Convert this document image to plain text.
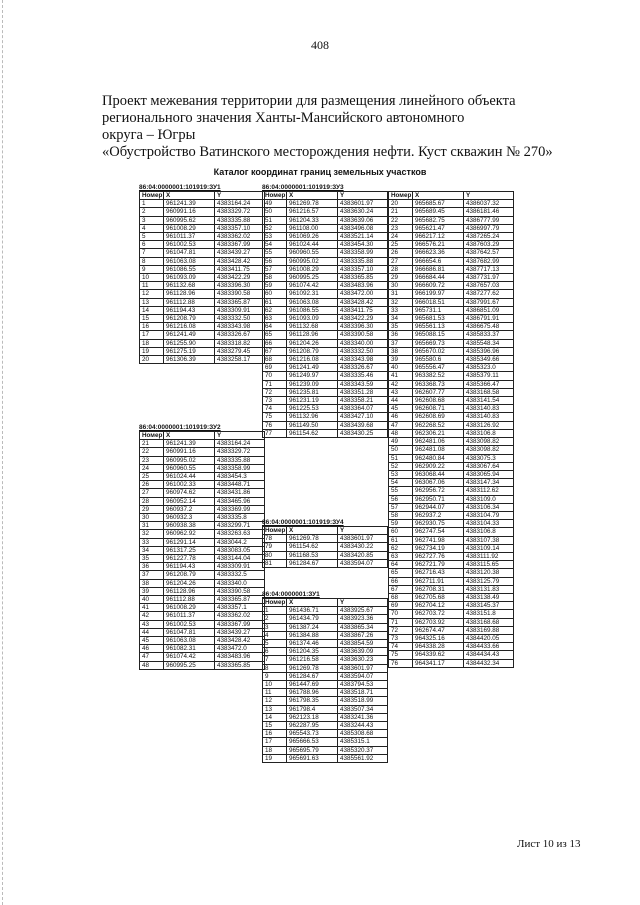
408
Проект межевания территории для размещения линейного объекта
регионального значения Ханты-Мансийского автономного
округа – Югры
«Обустройство Ватинского месторождения нефти. Куст скважин № 270»
Каталог координат границ земельных участков
86:04:0000001:101919:ЗУ1
Номер	X	Y
1	961241.39	4383164.24
2	960991.16	4383329.72
3	960995.62	4383335.88
4	961008.29	4383357.10
5	961011.37	4383362.02
6	961002.53	4383367.99
7	961047.81	4383439.27
8	961063.08	4383428.42
9	961086.55	4383411.75
10	961093.09	4383422.29
11	961132.68	4383396.30
12	961128.96	4383390.58
13	961112.88	4383365.87
14	961194.43	4383309.91
15	961208.79	4383332.50
16	961216.08	4383343.98
17	961241.49	4383326.67
18	961255.90	4383318.82
19	961275.19	4383279.45
20	961306.39	4383258.17
86:04:0000001:101919:ЗУ2
Номер	X	Y
21	961241.39	4383164.24
22	960991.16	4383329.72
23	960995.02	4383335.88
24	960960.55	4383358.99
25	961024.44	4383454.3
26	961002.33	4383448.71
27	960974.62	4383431.86
28	960952.14	4383465.96
29	960937.2	4383369.99
30	960932.3	4383335.8
31	960938.38	4383299.71
32	960962.92	4383263.63
33	961291.14	4383044.2
34	961317.25	4383083.05
35	961227.78	4383144.04
36	961194.43	4383309.91
37	961208.79	4383332.5
38	961204.26	4383340.0
39	961128.96	4383390.58
40	961112.88	4383365.87
41	961008.29	4383357.1
42	961011.37	4383362.02
43	961002.53	4383367.99
44	961047.81	4383439.27
45	961063.08	4383428.42
46	961082.31	4383472.0
47	961074.42	4383483.96
48	960995.25	4383365.85
86:04:0000001:101919:ЗУ3
Номер	X	Y
49	961269.78	4383601.97
50	961216.57	4383630.24
51	961204.33	4383639.06
52	961108.00	4383496.08
53	961069.26	4383521.14
54	961024.44	4383454.30
55	960960.55	4383358.99
56	960995.02	4383335.88
57	961008.29	4383357.10
58	960995.25	4383365.85
59	961074.42	4383483.96
60	961092.31	4383472.00
61	961063.08	4383428.42
62	961086.55	4383411.75
63	961093.09	4383422.29
64	961132.68	4383396.30
65	961128.96	4383390.58
66	961204.26	4383340.00
67	961208.79	4383332.50
68	961216.08	4383343.98
69	961241.49	4383326.67
70	961249.97	4383335.46
71	961239.09	4383343.59
72	961235.81	4383351.28
73	961231.19	4383358.21
74	961225.53	4383364.07
75	961132.96	4383427.10
76	961149.50	4383439.68
77	961154.62	4383430.25
86:04:0000001:101919:ЗУ4
Номер	X	Y
78	961269.78	4383601.97
79	961154.62	4383430.22
80	961168.53	4383420.85
81	961284.67	4383594.07
86:04:0000001:ЗУ1
Номер	X	Y
1	961436.71	4383925.67
2	961434.79	4383923.36
3	961387.24	4383865.34
4	961384.88	4383867.26
5	961374.46	4383854.59
6	961204.35	4383639.09
7	961216.58	4383630.23
8	961269.78	4383601.97
9	961284.67	4383594.07
10	961447.69	4383794.53
11	961788.96	4383518.71
12	961798.35	4383518.99
13	961798.4	4383507.34
14	962123.18	4383241.36
15	962287.95	4383244.43
16	965543.73	4385308.68
17	965666.53	4385315.1
18	965695.79	4385320.37
19	965691.63	4385561.92
Номер	X	Y
20	965685.67	4386037.32
21	965689.45	4386181.46
22	965682.75	4386777.99
23	965621.47	4386997.79
24	966217.12	4387265.24
25	966576.21	4387603.29
26	966623.36	4387642.57
27	966654.6	4387682.99
28	966686.81	4387717.13
29	966684.44	4387731.97
30	966609.72	4387657.03
31	966199.97	4387277.62
32	966018.51	4387991.67
33	965731.1	4386851.09
34	965681.53	4386791.91
35	965561.13	4386675.48
36	965088.15	4385833.37
37	965669.73	4385548.34
38	965670.02	4385396.96
39	965580.6	4385349.66
40	965556.47	4385323.0
41	963382.52	4385379.11
42	963368.73	4385366.47
43	962607.77	4383168.58
44	962608.68	4383141.54
45	962608.71	4383140.83
46	962608.69	4383140.83
47	962268.52	4383126.92
48	962306.21	4383106.8
49	962481.06	4383098.82
50	962481.08	4383098.82
51	962480.84	4383075.3
52	962909.22	4383067.64
53	963068.44	4383065.94
54	963067.06	4383147.34
55	962956.72	4383112.62
56	962950.71	4383109.0
57	962944.07	4383106.34
58	962937.2	4383104.79
59	962930.75	4383104.33
60	962747.54	4383106.8
61	962741.98	4383107.38
62	962734.19	4383109.14
63	962727.76	4383111.92
64	962721.79	4383115.65
65	962716.43	4383120.38
66	962711.91	4383125.79
67	962708.31	4383131.83
68	962705.68	4383138.49
69	962704.12	4383145.37
70	962703.72	4383151.8
71	962703.92	4383168.68
72	962674.47	4383169.88
73	964325.16	4384420.05
74	964338.28	4384433.66
75	964339.62	4384434.43
76	964341.17	4384432.34
Лист 10 из 13
